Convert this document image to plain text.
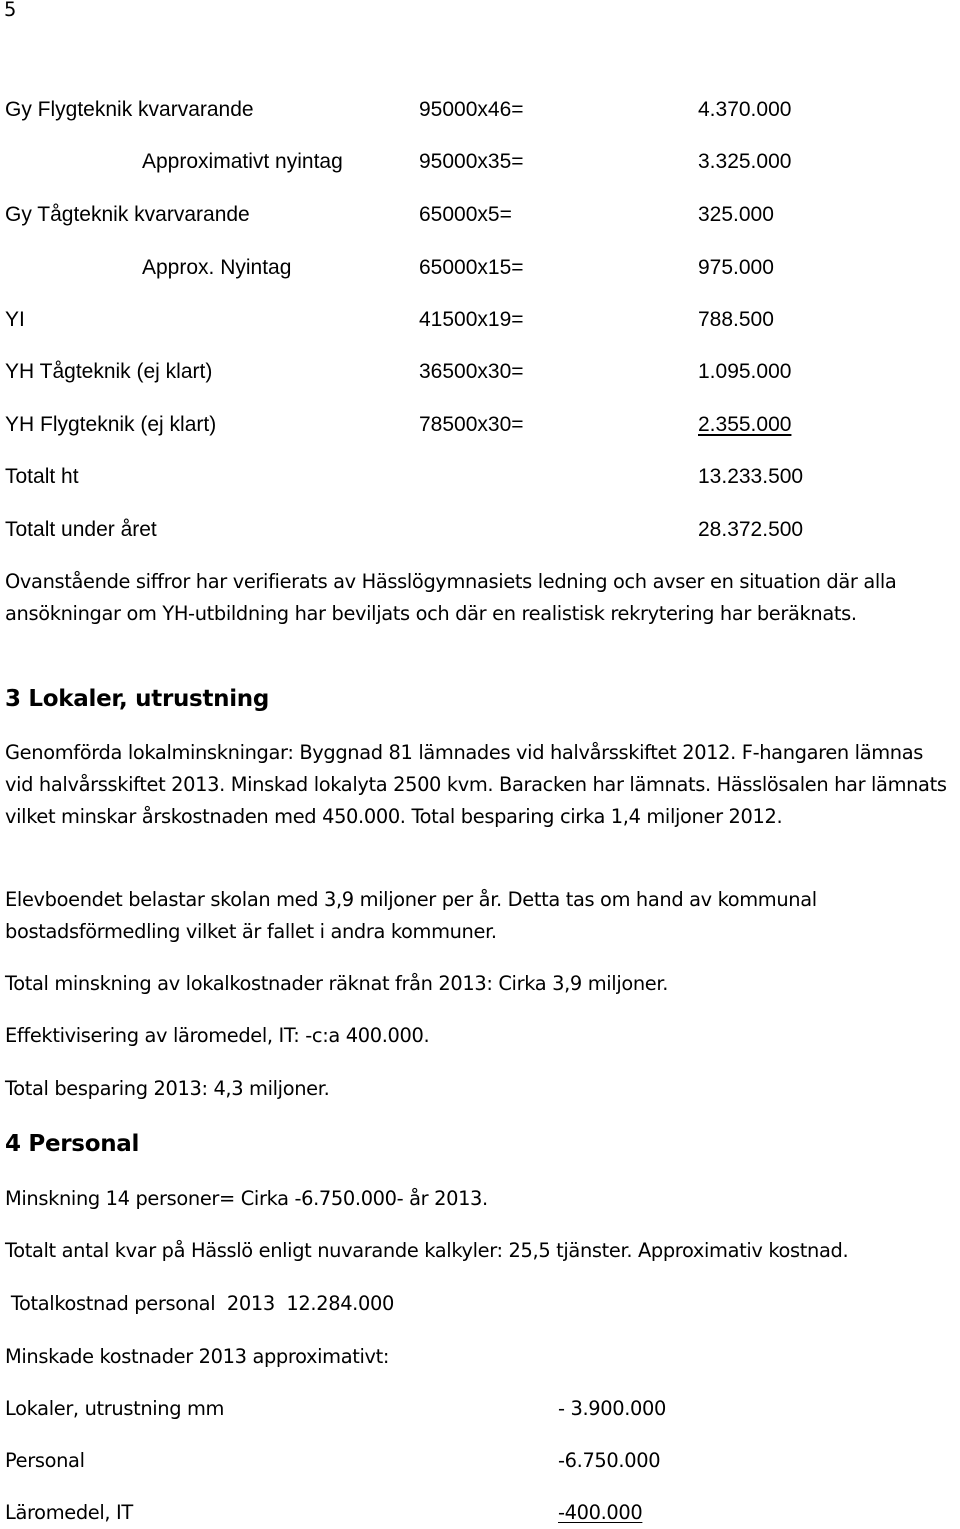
5
Gy Flygteknik kvarvarande	95000x46=	4.370.000
Approximativt nyintag	95000x35=	3.325.000
Gy Tågteknik kvarvarande	65000x5=	325.000
Approx. Nyintag	65000x15=	975.000
YI	41500x19=	788.500
YH Tågteknik (ej klart)	36500x30=	1.095.000
YH Flygteknik (ej klart)	78500x30=	2.355.000
Totalt ht	13.233.500
Totalt under året	28.372.500
Ovanstående siffror har verifierats av Hässlögymnasiets ledning och avser en situation där alla ansökningar om YH-utbildning har beviljats och där en realistisk rekrytering har beräknats.
3 Lokaler, utrustning
Genomförda lokalminskningar: Byggnad 81 lämnades vid halvårsskiftet 2012. F-hangaren lämnas vid halvårsskiftet 2013. Minskad lokalyta 2500 kvm. Baracken har lämnats. Hässlösalen har lämnats vilket minskar årskostnaden med 450.000. Total besparing cirka 1,4 miljoner 2012.
Elevboendet belastar skolan med 3,9 miljoner per år. Detta tas om hand av kommunal bostadsförmedling vilket är fallet i andra kommuner.
Total minskning av lokalkostnader räknat från 2013: Cirka 3,9 miljoner.
Effektivisering av läromedel, IT: -c:a 400.000.
Total besparing 2013: 4,3 miljoner.
4 Personal
Minskning 14 personer= Cirka -6.750.000- år 2013.
Totalt antal kvar på Hässlö enligt nuvarande kalkyler: 25,5 tjänster. Approximativ kostnad.
Totalkostnad personal  2013  12.284.000
Minskade kostnader 2013 approximativt:
Lokaler, utrustning mm	- 3.900.000
Personal	-6.750.000
Läromedel, IT	-400.000
